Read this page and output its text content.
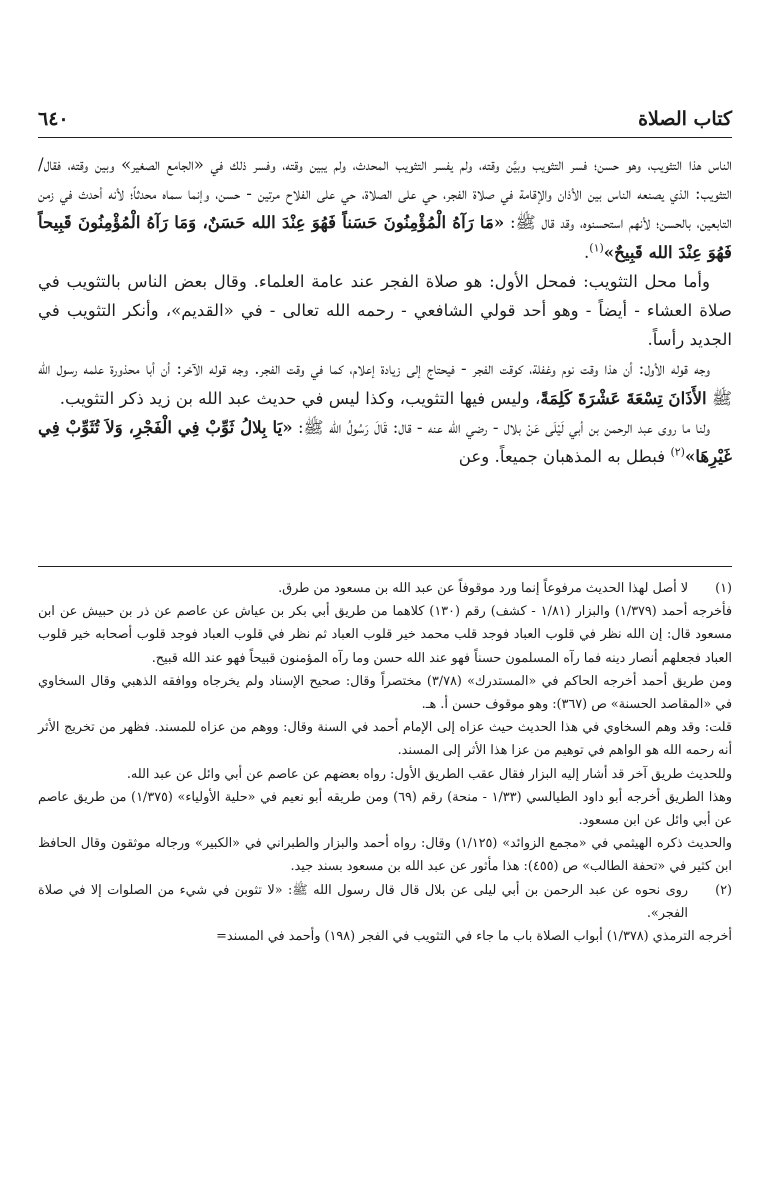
كتاب الصلاة
٦٤٠

الناس هذا التثويب، وهو حسن؛ فسر التثويب وبيَّن وقته، ولم يفسر التثويب المحدث، ولم يبين وقته، وفسر ذلك في «الجامع الصغير» وبين وقته، فقال/ التثويب: الذي يصنعه الناس بين الأذان والإقامة في صلاة الفجر، حي على الصلاة، حي على الفلاح مرتين - حسن، وإنما سماه محدثاً؛ لأنه أحدث في زمن التابعين، بالحسن؛ لأنهم استحسنوه، وقد قال ﷺ: «مَا رَآهُ الْمُؤْمِنُونَ حَسَناً فَهُوَ عِنْدَ الله حَسَنٌ، وَمَا رَآهُ الْمُؤْمِنُونَ قَبِيحاً فَهُوَ عِنْدَ الله قَبِيحٌ»$^{(١)}$.

وأما محل التثويب: فمحل الأول: هو صلاة الفجر عند عامة العلماء. وقال بعض الناس بالتثويب في صلاة العشاء - أيضاً - وهو أحد قولي الشافعي - رحمه الله تعالى - في «القديم»، وأنكر التثويب في الجديد رأساً.

وجه قوله الأول: أن هذا وقت نوم وغفلة، كوقت الفجر - فيحتاج إلى زيادة إعلام، كما في وقت الفجر. وجه قوله الآخر: أن أبا محذورة علمه رسول الله ﷺ الأَذَانَ تِسْعَةَ عَشْرَةَ كَلِمَةً، وليس فيها التثويب، وكذا ليس في حديث عبد الله بن زيد ذكر التثويب.

ولنا ما روى عبد الرحمن بن أبي لَيْلَى عَنْ بلال - رضي الله عنه - قال: قَالَ رَسُولُ الله ﷺ: «يَا بِلالُ ثَوِّبْ فِي الْفَجْرِ، وَلاَ تُثَوِّبْ فِي غَيْرِهَا»$^{(٢)}$ فبطل به المذهبان جميعاً. وعن

(١)

لا أصل لهذا الحديث مرفوعاً إنما ورد موقوفاً عن عبد الله بن مسعود من طرق.

فأخرجه أحمد (١/٣٧٩) والبزار (١/٨١ - كشف) رقم (١٣٠) كلاهما من طريق أبي بكر بن عياش عن عاصم عن ذر بن حبيش عن ابن مسعود قال: إن الله نظر في قلوب العباد فوجد قلب محمد خير قلوب العباد ثم نظر في قلوب العباد فوجد قلوب أصحابه خير قلوب العباد فجعلهم أنصار دينه فما رآه المسلمون حسناً فهو عند الله حسن وما رآه المؤمنون قبيحاً فهو عند الله قبيح.

ومن طريق أحمد أخرجه الحاكم في «المستدرك» (٣/٧٨) مختصراً وقال: صحيح الإسناد ولم يخرجاه ووافقه الذهبي وقال السخاوي في «المقاصد الحسنة» ص (٣٦٧): وهو موقوف حسن أ. هـ.

قلت: وقد وهم السخاوي في هذا الحديث حيث عزاه إلى الإمام أحمد في السنة وقال: ووهم من عزاه للمسند. فظهر من تخريج الأثر أنه رحمه الله هو الواهم في توهيم من عزا هذا الأثر إلى المسند.

وللحديث طريق آخر قد أشار إليه البزار فقال عقب الطريق الأول: رواه بعضهم عن عاصم عن أبي وائل عن عبد الله.

وهذا الطريق أخرجه أبو داود الطيالسي (١/٣٣ - منحة) رقم (٦٩) ومن طريقه أبو نعيم في «حلية الأولياء» (١/٣٧٥) من طريق عاصم عن أبي وائل عن ابن مسعود.

والحديث ذكره الهيثمي في «مجمع الزوائد» (١/١٢٥) وقال: رواه أحمد والبزار والطبراني في «الكبير» ورجاله موثقون وقال الحافظ ابن كثير في «تحفة الطالب» ص (٤٥٥): هذا مأثور عن عبد الله بن مسعود بسند جيد.

(٢)

روى نحوه عن عبد الرحمن بن أبي ليلى عن بلال قال قال رسول الله ﷺ: «لا تثوبن في شيء من الصلوات إلا في صلاة الفجر».

أخرجه الترمذي (١/٣٧٨) أبواب الصلاة باب ما جاء في التثويب في الفجر (١٩٨) وأحمد في المسند=
